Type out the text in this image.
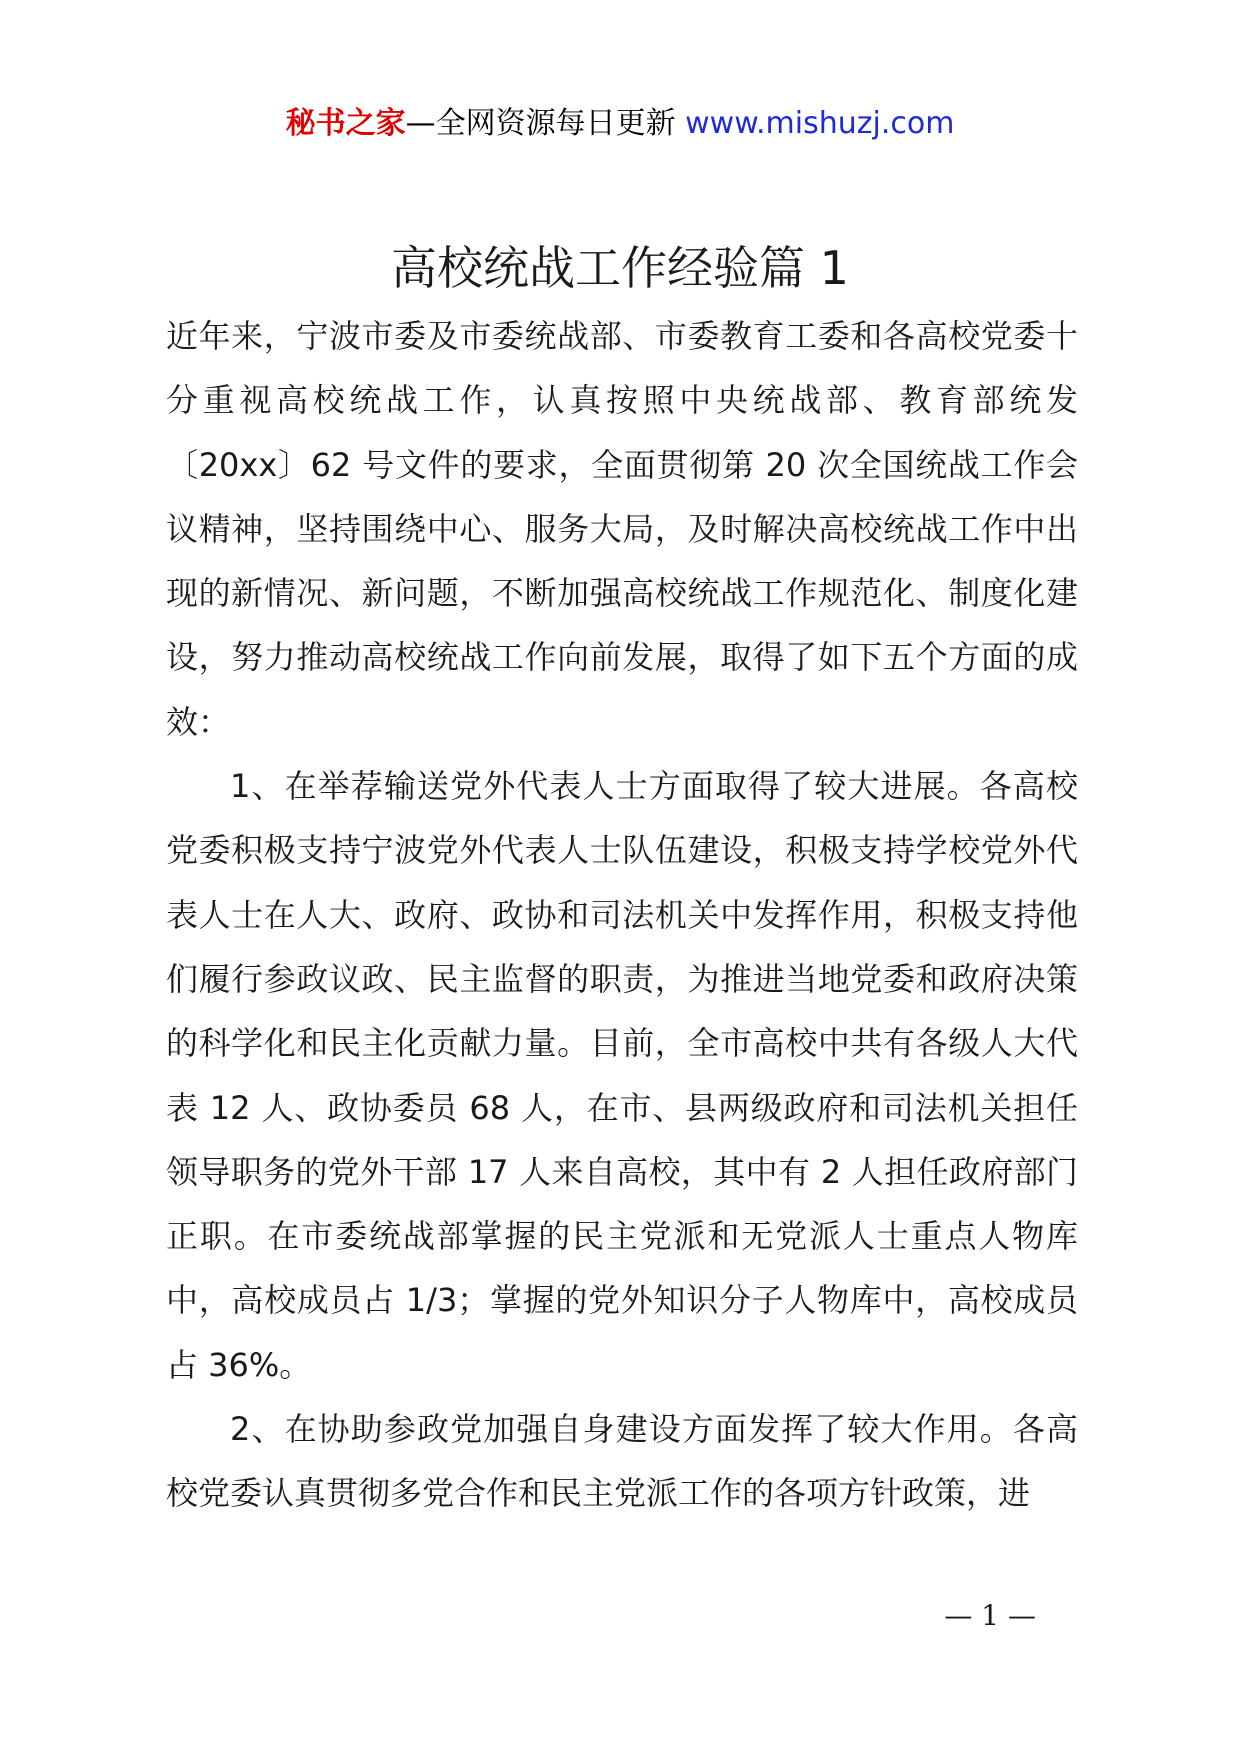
秘书之家—全网资源每日更新 www.mishuzj.com
高校统战工作经验篇 1

近年来，宁波市委及市委统战部、市委教育工委和各高校党委十分重视高校统战工作，认真按照中央统战部、教育部统发〔20xx〕62 号文件的要求，全面贯彻第 20 次全国统战工作会议精神，坚持围绕中心、服务大局，及时解决高校统战工作中出现的新情况、新问题，不断加强高校统战工作规范化、制度化建设，努力推动高校统战工作向前发展，取得了如下五个方面的成效：

1、在举荐输送党外代表人士方面取得了较大进展。各高校党委积极支持宁波党外代表人士队伍建设，积极支持学校党外代表人士在人大、政府、政协和司法机关中发挥作用，积极支持他们履行参政议政、民主监督的职责，为推进当地党委和政府决策的科学化和民主化贡献力量。目前，全市高校中共有各级人大代表 12 人、政协委员 68 人，在市、县两级政府和司法机关担任领导职务的党外干部 17 人来自高校，其中有 2 人担任政府部门正职。在市委统战部掌握的民主党派和无党派人士重点人物库中，高校成员占 1/3；掌握的党外知识分子人物库中，高校成员占 36%。

2、在协助参政党加强自身建设方面发挥了较大作用。各高校党委认真贯彻多党合作和民主党派工作的各项方针政策，进

— 1 —
